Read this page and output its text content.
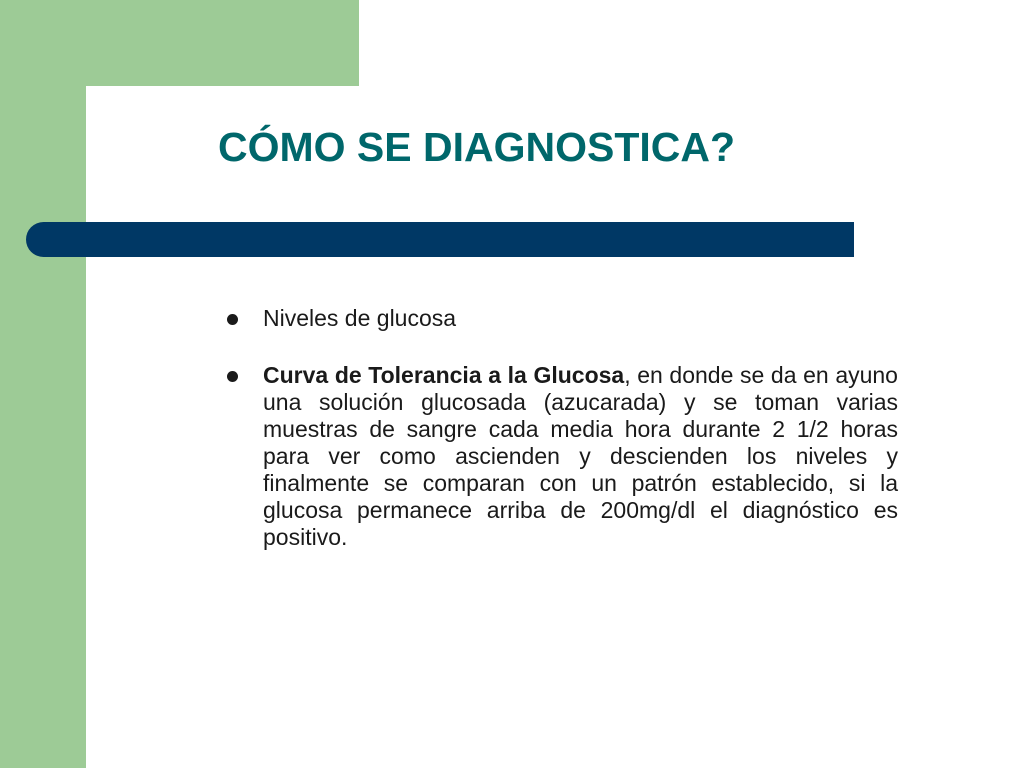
CÓMO SE DIAGNOSTICA?
Niveles de glucosa
Curva de Tolerancia a la Glucosa, en donde se da en ayuno una solución glucosada (azucarada) y se toman varias muestras de sangre cada media hora durante 2 1/2 horas para ver como ascienden y descienden los niveles y finalmente se comparan con un patrón establecido, si la glucosa permanece arriba de 200mg/dl el diagnóstico es positivo.
